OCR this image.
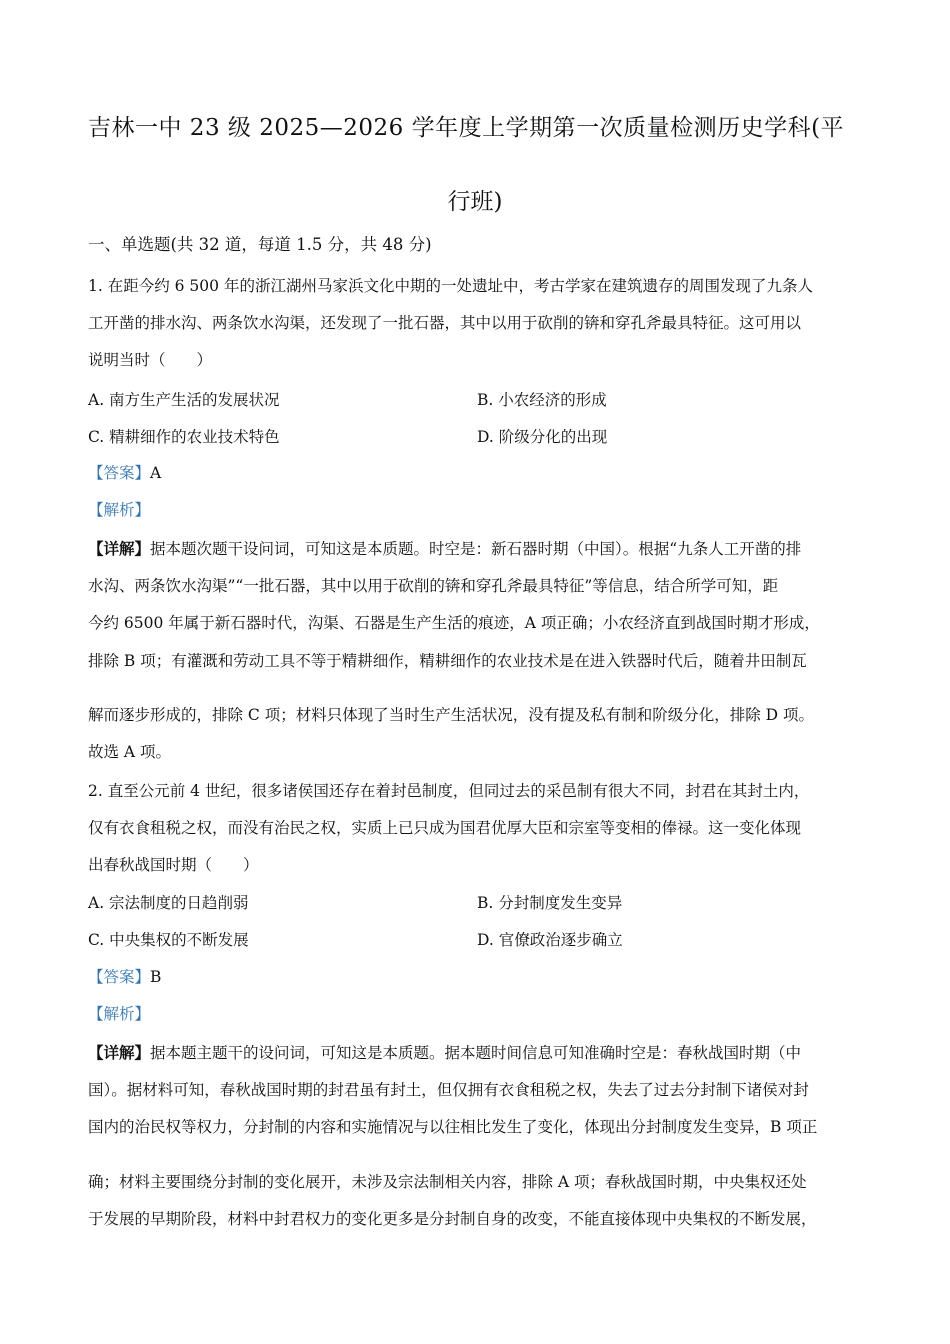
吉林一中 23 级 2025—2026 学年度上学期第一次质量检测历史学科(平
行班)
一、单选题(共 32 道，每道 1.5 分，共 48 分)
1. 在距今约 6 500 年的浙江湖州马家浜文化中期的一处遗址中，考古学家在建筑遗存的周围发现了九条人
工开凿的排水沟、两条饮水沟渠，还发现了一批石器，其中以用于砍削的锛和穿孔斧最具特征。这可用以
说明当时（　　）
A. 南方生产生活的发展状况	B. 小农经济的形成
C. 精耕细作的农业技术特色	D. 阶级分化的出现
【答案】A
【解析】
【详解】据本题次题干设问词，可知这是本质题。时空是：新石器时期（中国）。根据“九条人工开凿的排
水沟、两条饮水沟渠”“一批石器，其中以用于砍削的锛和穿孔斧最具特征”等信息，结合所学可知，距
今约 6500 年属于新石器时代，沟渠、石器是生产生活的痕迹，A 项正确；小农经济直到战国时期才形成，
排除 B 项；有灌溉和劳动工具不等于精耕细作，精耕细作的农业技术是在进入铁器时代后，随着井田制瓦
解而逐步形成的，排除 C 项；材料只体现了当时生产生活状况，没有提及私有制和阶级分化，排除 D 项。
故选 A 项。
2. 直至公元前 4 世纪，很多诸侯国还存在着封邑制度，但同过去的采邑制有很大不同，封君在其封土内，
仅有衣食租税之权，而没有治民之权，实质上已只成为国君优厚大臣和宗室等变相的俸禄。这一变化体现
出春秋战国时期（　　）
A. 宗法制度的日趋削弱	B. 分封制度发生变异
C. 中央集权的不断发展	D. 官僚政治逐步确立
【答案】B
【解析】
【详解】据本题主题干的设问词，可知这是本质题。据本题时间信息可知准确时空是：春秋战国时期（中
国）。据材料可知，春秋战国时期的封君虽有封土，但仅拥有衣食租税之权，失去了过去分封制下诸侯对封
国内的治民权等权力，分封制的内容和实施情况与以往相比发生了变化，体现出分封制度发生变异，B 项正
确；材料主要围绕分封制的变化展开，未涉及宗法制相关内容，排除 A 项；春秋战国时期，中央集权还处
于发展的早期阶段，材料中封君权力的变化更多是分封制自身的改变，不能直接体现中央集权的不断发展，
